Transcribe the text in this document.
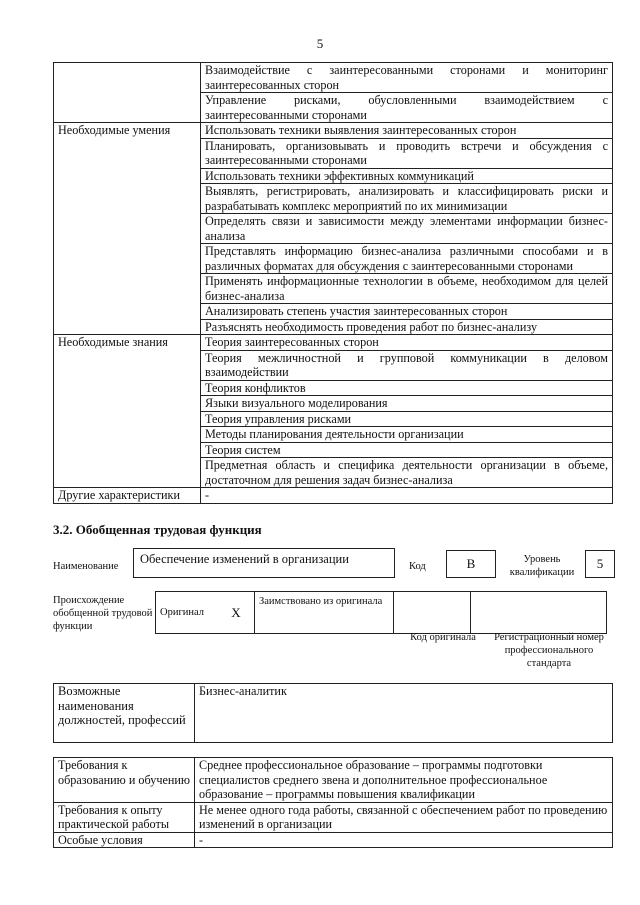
5
	Взаимодействие с заинтересованными сторонами и мониторинг заинтересованных сторон
	Управление рисками, обусловленными взаимодействием с заинтересованными сторонами
Необходимые умения	Использовать техники выявления заинтересованных сторон
	Планировать, организовывать и проводить встречи и обсуждения с заинтересованными сторонами
	Использовать техники эффективных коммуникаций
	Выявлять, регистрировать, анализировать и классифицировать риски и разрабатывать комплекс мероприятий по их минимизации
	Определять связи и зависимости между элементами информации бизнес-анализа
	Представлять информацию бизнес-анализа различными способами и в различных форматах для обсуждения с заинтересованными сторонами
	Применять информационные технологии в объеме, необходимом для целей бизнес-анализа
	Анализировать степень участия заинтересованных сторон
	Разъяснять необходимость проведения работ по бизнес-анализу
Необходимые знания	Теория заинтересованных сторон
	Теория межличностной и групповой коммуникации в деловом взаимодействии
	Теория конфликтов
	Языки визуального моделирования
	Теория управления рисками
	Методы планирования деятельности организации
	Теория систем
	Предметная область и специфика деятельности организации в объеме, достаточном для решения задач бизнес-анализа
Другие характеристики	-
3.2. Обобщенная трудовая функция
Наименование
Обеспечение изменений в организации
Код	B	Уровень квалификации
5
Происхождение обобщенной трудовой функции
Оригинал	X	Заимствовано из оригинала		
Код оригинала	Регистрационный номер профессионального стандарта
Возможные наименования должностей, профессий	Бизнес-аналитик
Требования к образованию и обучению	Среднее профессиональное образование – программы подготовки специалистов среднего звена и дополнительное профессиональное образование – программы повышения квалификации
Требования к опыту практической работы	Не менее одного года работы, связанной с обеспечением работ по проведению изменений в организации
Особые условия	-
